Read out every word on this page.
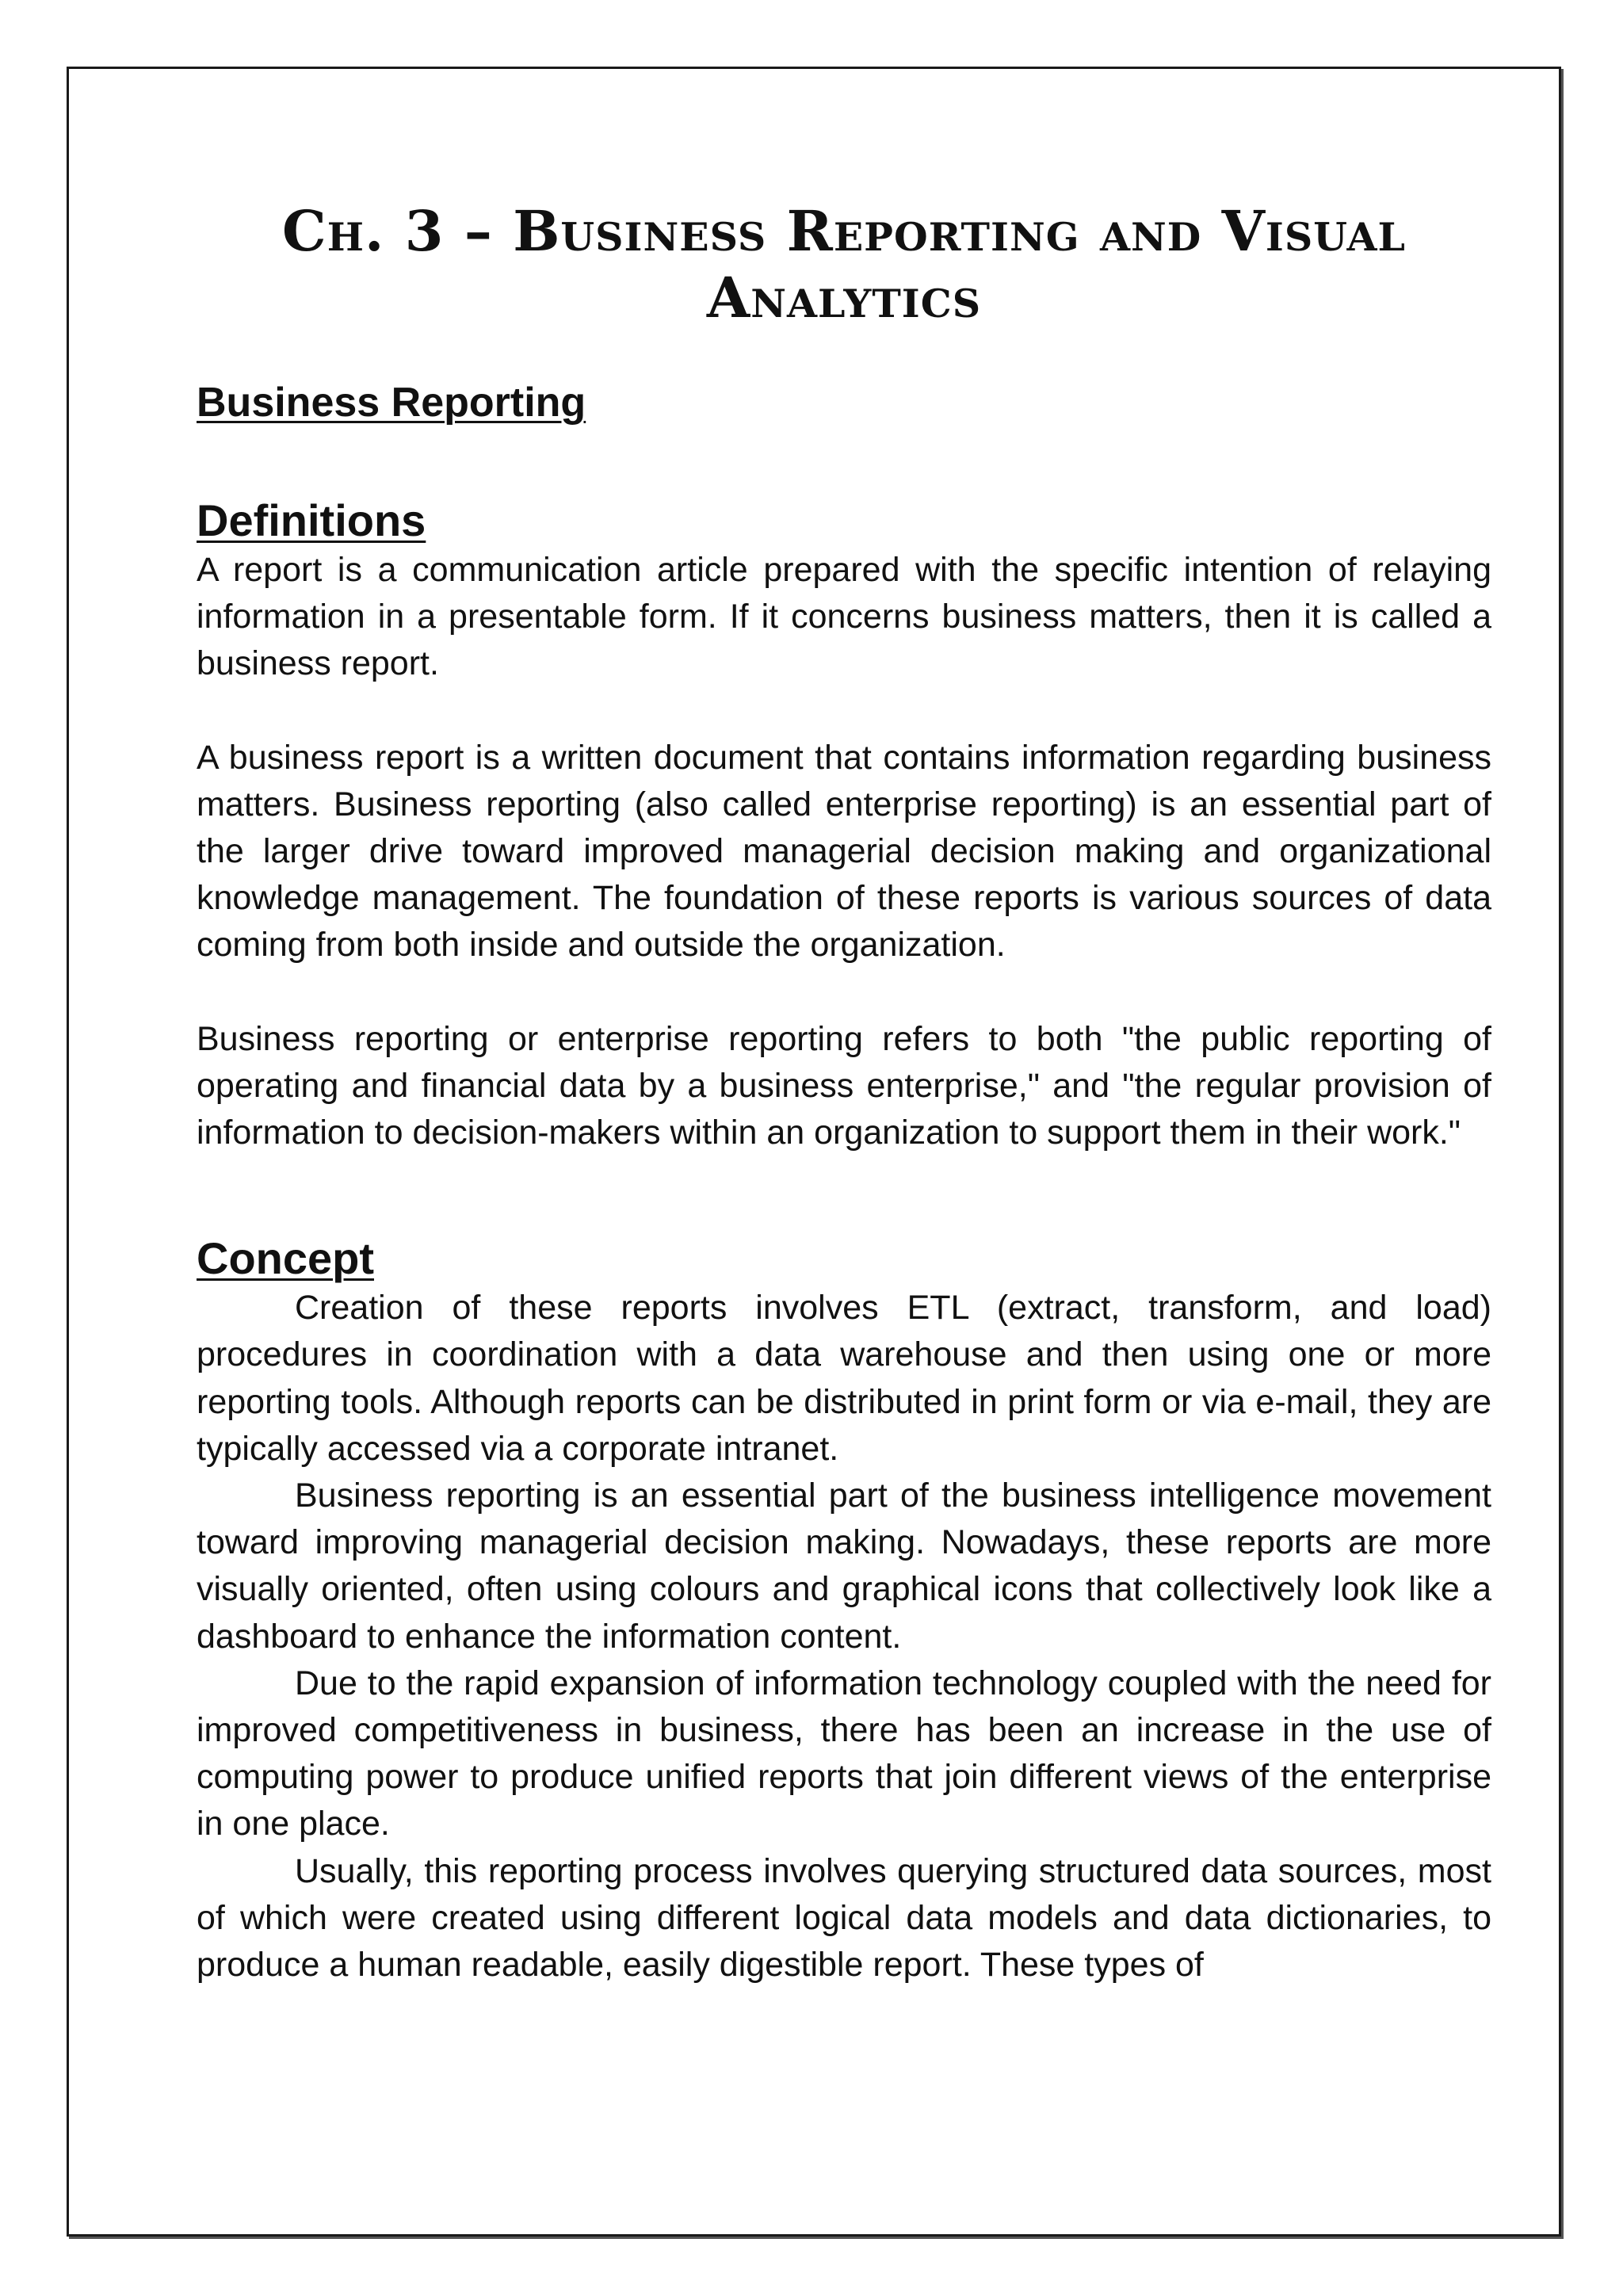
Ch. 3 – Business Reporting and Visual Analytics
Business Reporting
Definitions

A report is a communication article prepared with the specific intention of relaying information in a presentable form. If it concerns business matters, then it is called a business report.

A business report is a written document that contains information regarding business matters. Business reporting (also called enterprise reporting) is an essential part of the larger drive toward improved managerial decision making and organizational knowledge management. The foundation of these reports is various sources of data coming from both inside and outside the organization.

Business reporting or enterprise reporting refers to both "the public reporting of operating and financial data by a business enterprise," and "the regular provision of information to decision-makers within an organization to support them in their work."

Concept

Creation of these reports involves ETL (extract, transform, and load) procedures in coordination with a data warehouse and then using one or more reporting tools. Although reports can be distributed in print form or via e-mail, they are typically accessed via a corporate intranet.

Business reporting is an essential part of the business intelligence movement toward improving managerial decision making. Nowadays, these reports are more visually oriented, often using colours and graphical icons that collectively look like a dashboard to enhance the information content.

Due to the rapid expansion of information technology coupled with the need for improved competitiveness in business, there has been an increase in the use of computing power to produce unified reports that join different views of the enterprise in one place.

Usually, this reporting process involves querying structured data sources, most of which were created using different logical data models and data dictionaries, to produce a human readable, easily digestible report. These types of
